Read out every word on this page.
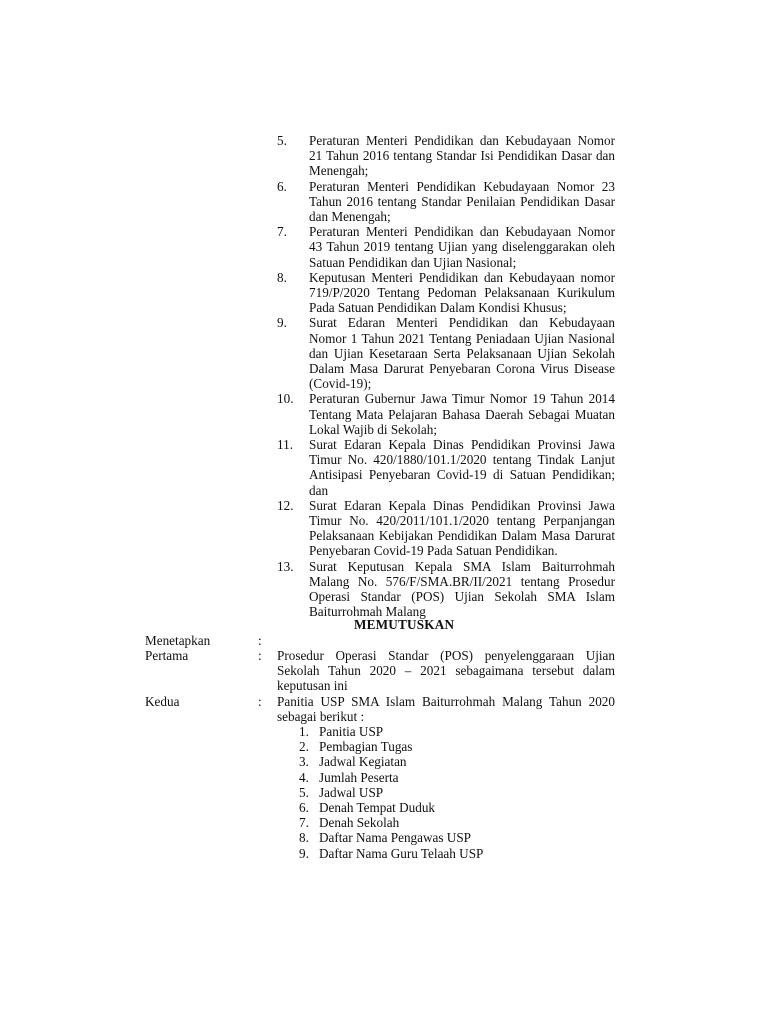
5.	Peraturan Menteri Pendidikan dan Kebudayaan Nomor 21 Tahun 2016 tentang Standar Isi Pendidikan Dasar dan Menengah;
6.	Peraturan Menteri Pendidikan Kebudayaan Nomor 23 Tahun 2016 tentang Standar Penilaian Pendidikan Dasar dan Menengah;
7.	Peraturan Menteri Pendidikan dan Kebudayaan Nomor 43 Tahun 2019 tentang Ujian yang diselenggarakan oleh Satuan Pendidikan dan Ujian Nasional;
8.	Keputusan Menteri Pendidikan dan Kebudayaan nomor 719/P/2020 Tentang Pedoman Pelaksanaan Kurikulum Pada Satuan Pendidikan Dalam Kondisi Khusus;
9.	Surat Edaran Menteri Pendidikan dan Kebudayaan Nomor 1 Tahun 2021 Tentang Peniadaan Ujian Nasional dan Ujian Kesetaraan Serta Pelaksanaan Ujian Sekolah Dalam Masa Darurat Penyebaran Corona Virus Disease (Covid-19);
10.	Peraturan Gubernur Jawa Timur Nomor 19 Tahun 2014 Tentang Mata Pelajaran Bahasa Daerah Sebagai Muatan Lokal Wajib di Sekolah;
11.	Surat Edaran Kepala Dinas Pendidikan Provinsi Jawa Timur No. 420/1880/101.1/2020 tentang Tindak Lanjut Antisipasi Penyebaran Covid-19 di Satuan Pendidikan; dan
12.	Surat Edaran Kepala Dinas Pendidikan Provinsi Jawa Timur No. 420/2011/101.1/2020 tentang Perpanjangan Pelaksanaan Kebijakan Pendidikan Dalam Masa Darurat Penyebaran Covid-19 Pada Satuan Pendidikan.
13.	Surat Keputusan Kepala SMA Islam Baiturrohmah Malang No. 576/F/SMA.BR/II/2021 tentang Prosedur Operasi Standar (POS) Ujian Sekolah SMA Islam Baiturrohmah Malang
MEMUTUSKAN
Menetapkan	:
Pertama	:	Prosedur Operasi Standar (POS) penyelenggaraan Ujian Sekolah Tahun 2020 – 2021 sebagaimana tersebut dalam keputusan ini
Kedua	:	Panitia USP SMA Islam Baiturrohmah Malang Tahun 2020 sebagai berikut :
1. Panitia USP
2. Pembagian Tugas
3. Jadwal Kegiatan
4. Jumlah Peserta
5. Jadwal USP
6. Denah Tempat Duduk
7. Denah Sekolah
8. Daftar Nama Pengawas USP
9. Daftar Nama Guru Telaah USP
